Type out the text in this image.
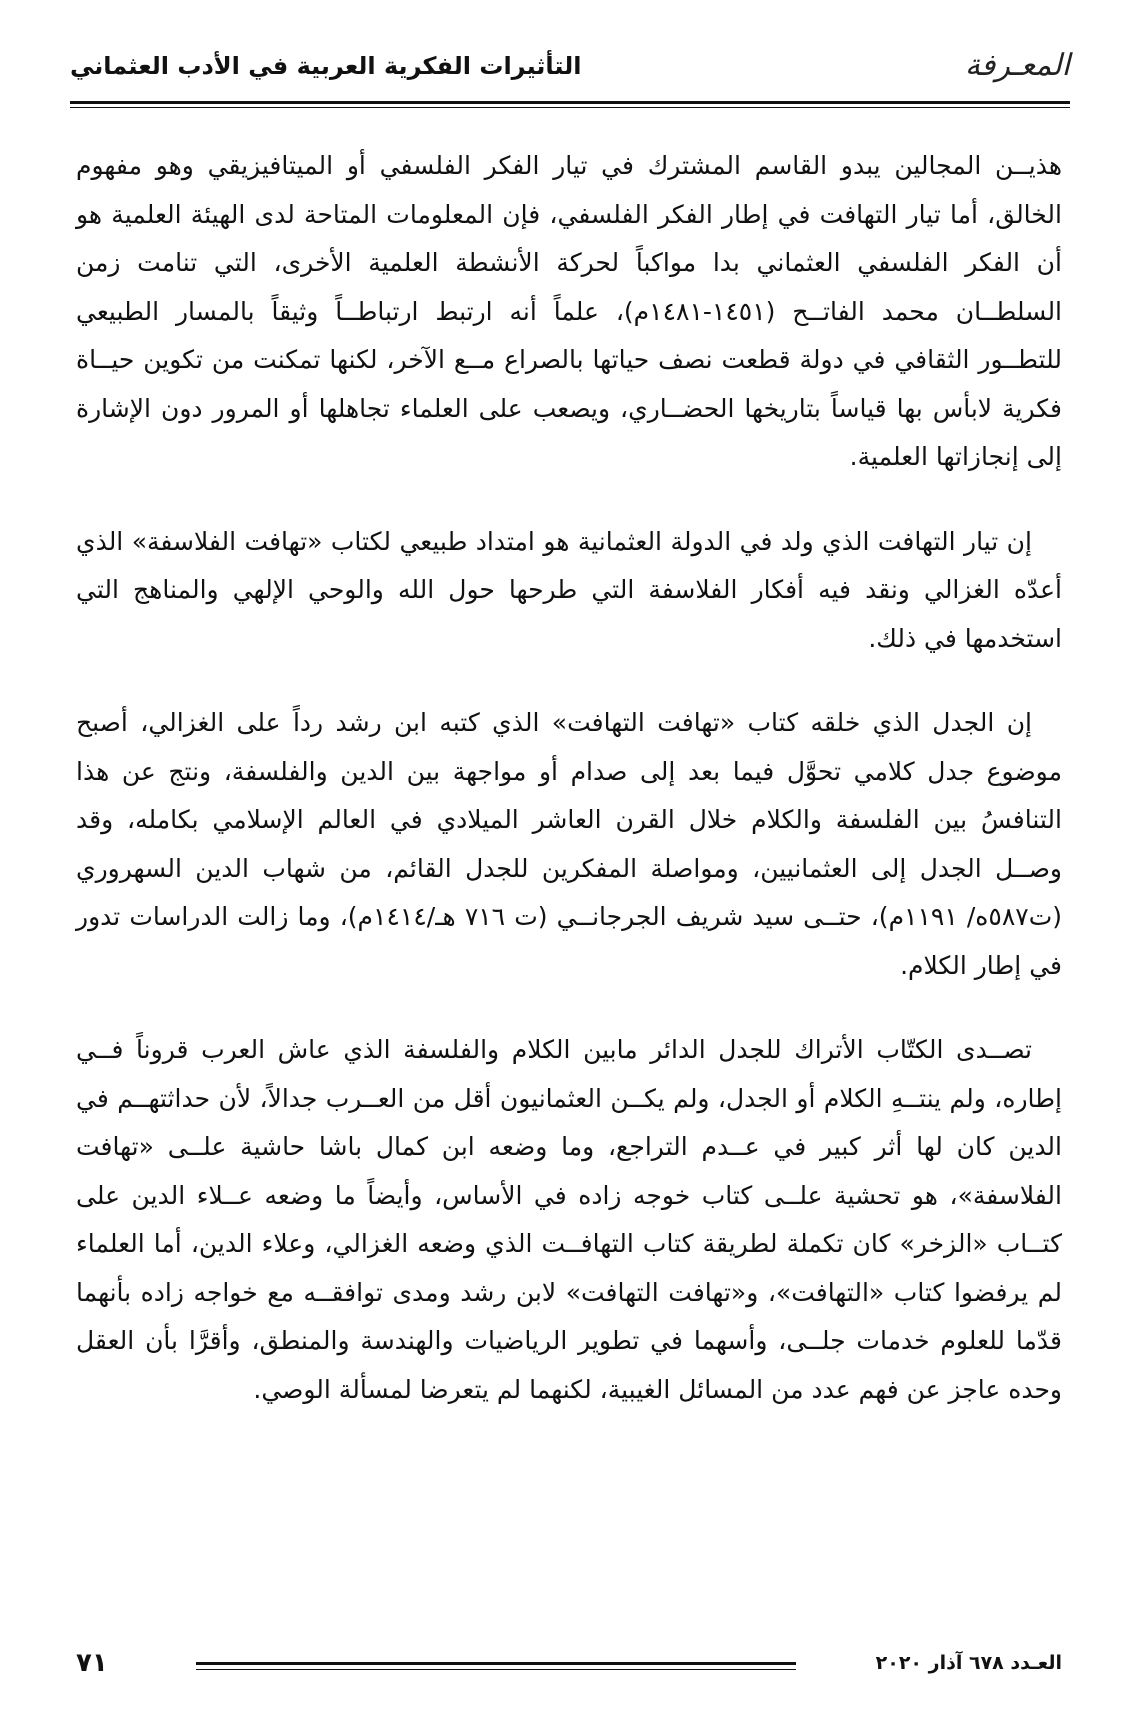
المعـرفة
التأثيرات الفكرية العربية في الأدب العثماني

هذيــن المجالين يبدو القاسم المشترك في تيار الفكر الفلسفي أو الميتافيزيقي وهو مفهوم الخالق، أما تيار التهافت في إطار الفكر الفلسفي، فإن المعلومات المتاحة لدى الهيئة العلمية هو أن الفكر الفلسفي العثماني بدا مواكباً لحركة الأنشطة العلمية الأخرى، التي تنامت زمن السلطــان محمد الفاتــح (١٤٥١-١٤٨١م)، علماً أنه ارتبط ارتباطــاً وثيقاً بالمسار الطبيعي للتطــور الثقافي في دولة قطعت نصف حياتها بالصراع مــع الآخر، لكنها تمكنت من تكوين حيــاة فكرية لابأس بها قياساً بتاريخها الحضــاري، ويصعب على العلماء تجاهلها أو المرور دون الإشارة إلى إنجازاتها العلمية.

إن تيار التهافت الذي ولد في الدولة العثمانية هو امتداد طبيعي لكتاب «تهافت الفلاسفة» الذي أعدّه الغزالي ونقد فيه أفكار الفلاسفة التي طرحها حول الله والوحي الإلهي والمناهج التي استخدمها في ذلك.

إن الجدل الذي خلقه كتاب «تهافت التهافت» الذي كتبه ابن رشد رداً على الغزالي، أصبح موضوع جدل كلامي تحوَّل فيما بعد إلى صدام أو مواجهة بين الدين والفلسفة، ونتج عن هذا التنافسُ بين الفلسفة والكلام خلال القرن العاشر الميلادي في العالم الإسلامي بكامله، وقد وصــل الجدل إلى العثمانيين، ومواصلة المفكرين للجدل القائم، من شهاب الدين السهروري (ت٥٨٧ه/ ١١٩١م)، حتــى سيد شريف الجرجانــي (ت ٧١٦ هـ/١٤١٤م)، وما زالت الدراسات تدور في إطار الكلام.

تصــدى الكتّاب الأتراك للجدل الدائر مابين الكلام والفلسفة الذي عاش العرب قروناً فــي إطاره، ولم ينتــهِ الكلام أو الجدل، ولم يكــن العثمانيون أقل من العــرب جدالاً، لأن حداثتهــم في الدين كان لها أثر كبير في عــدم التراجع، وما وضعه ابن كمال باشا حاشية علــى «تهافت الفلاسفة»، هو تحشية علــى كتاب خوجه زاده في الأساس، وأيضاً ما وضعه عــلاء الدين على كتــاب «الزخر» كان تكملة لطريقة كتاب التهافــت الذي وضعه الغزالي، وعلاء الدين، أما العلماء لم يرفضوا كتاب «التهافت»، و«تهافت التهافت» لابن رشد ومدى توافقــه مع خواجه زاده بأنهما قدّما للعلوم خدمات جلــى، وأسهما في تطوير الرياضيات والهندسة والمنطق، وأقرَّا بأن العقل وحده عاجز عن فهم عدد من المسائل الغيبية، لكنهما لم يتعرضا لمسألة الوصي.

٧١	العـدد ٦٧٨ آذار ٢٠٢٠
